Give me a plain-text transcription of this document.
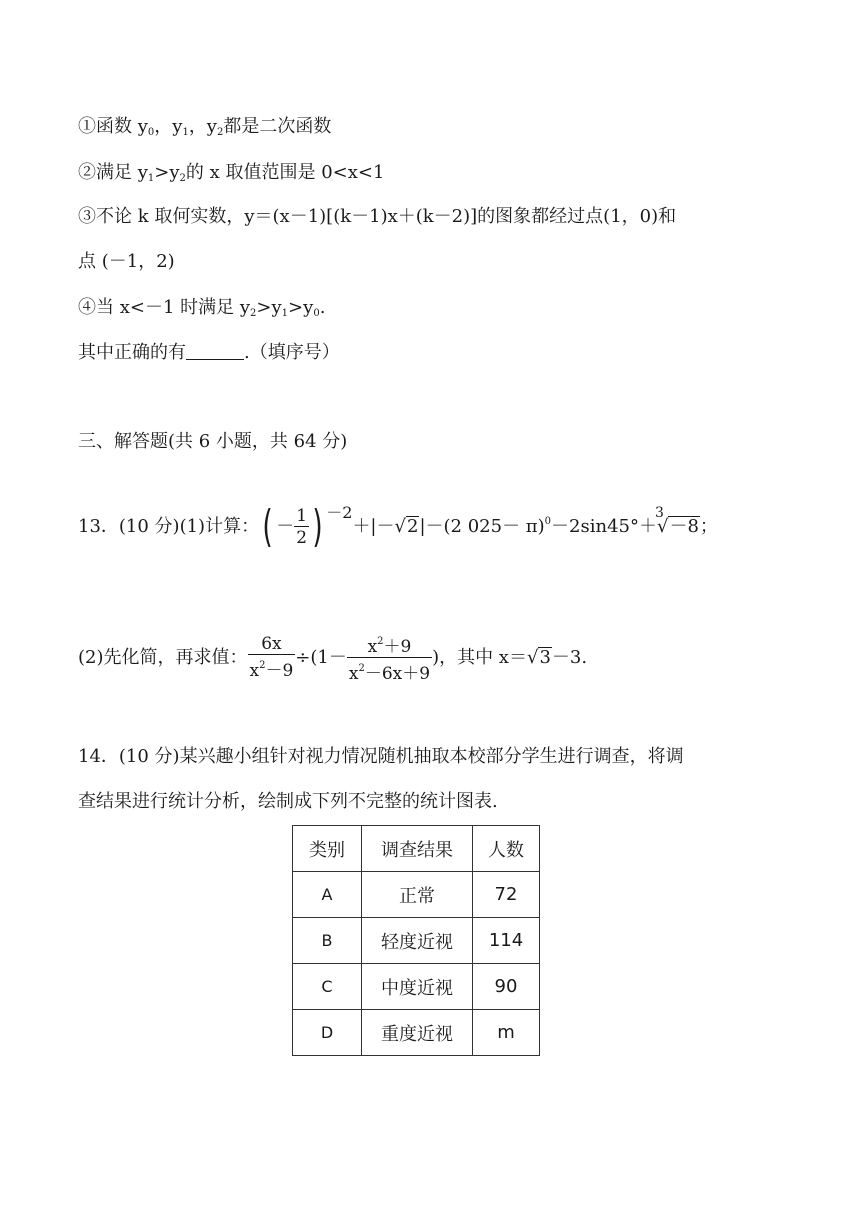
①函数 $y_0$，$y_1$，$y_2$都是二次函数
②满足 $y_1>y_2$的 x 取值范围是 0<x<1
③不论 k 取何实数，y＝(x－1)[(k－1)x＋(k－2)]的图象都经过点(1，0)和
点 (－1，2)
④当 x<－1 时满足 $y_2>y_1>y_0$.
其中正确的有	.（填序号）
三、解答题(共 6 小题，共 64 分)
13．(10 分)(1)计算：( － $\frac{1}{2}$ ) $^{-2}$＋|－√2|－(2 025－ π)$^0$－2sin45°＋
3
√－8；
(2)先化简，再求值： $\frac{6x}{x^2-9} \div(1- \frac{x^2+9}{x^2-6x+9}$ )，其中 x＝√3－3.
14．(10 分)某兴趣小组针对视力情况随机抽取本校部分学生进行调查，将调
查结果进行统计分析，绘制成下列不完整的统计图表.
类别	调查结果	人数
A	正常	72
B	轻度近视	114
C	中度近视	90
D	重度近视	m
